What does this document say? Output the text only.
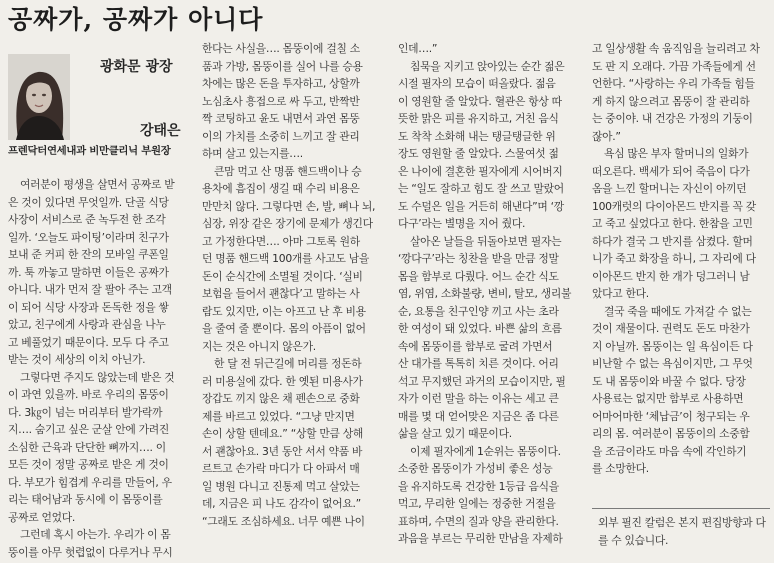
공짜가, 공짜가 아니다
광화문 광장
강태은
프렌닥터연세내과 비만클리닉 부원장

여러분이 평생을 살면서 공짜로 받

은 것이 있다면 무엇일까. 단골 식당

사장이 서비스로 준 녹두전 한 조각

일까. ‘오늘도 파이팅’이라며 친구가

보내 준 커피 한 잔의 모바일 쿠폰일

까. 툭 까놓고 말하면 이들은 공짜가

아니다. 내가 먼저 잘 팔아 주는 고객

이 되어 식당 사장과 돈독한 정을 쌓

았고, 친구에게 사랑과 관심을 나누

고 베풀었기 때문이다. 모두 다 주고

받는 것이 세상의 이치 아닌가.

그렇다면 주지도 않았는데 받은 것

이 과연 있을까. 바로 우리의 몸뚱이

다. 3㎏이 넘는 머리부터 발가락까

지…. 숨기고 싶은 군살 안에 가려진

소심한 근육과 단단한 뼈까지…. 이

모든 것이 정말 공짜로 받은 게 것이

다. 부모가 힘겹게 우리를 만들어, 우

리는 태어남과 동시에 이 몸뚱이를

공짜로 얻었다.

그런데 혹시 아는가. 우리가 이 몸

뚱이를 아무 헛렵없이 다루거나 무시

한다는 사실을…. 몸뚱이에 걸칠 소

품과 가방, 몸뚱이를 실어 나를 승용

차에는 많은 돈을 투자하고, 상할까

노심초사 흥접으로 싸 두고, 반짝반

짝 코팅하고 윤도 내면서 과연 몸뚱

이의 가치를 소중히 느끼고 잘 관리

하며 살고 있는지를….

큰맘 먹고 산 명품 핸드백이나 승

용차에 흠집이 생길 때 수리 비용은

만만치 않다. 그렇다면 손, 발, 뼈나 뇌,

심장, 위장 같은 장기에 문제가 생긴다

고 가정한다면…. 아마 그토록 원하

던 명품 핸드백 100개를 사고도 남을

돈이 순식간에 소멸될 것이다. ‘실비

보험을 들어서 괜찮다’고 말하는 사

람도 있지만, 이는 아프고 난 후 비용

을 줄여 줄 뿐이다. 몸의 아픔이 없어

지는 것은 아니지 않은가.

한 달 전 뒤근길에 머리를 정돈하

러 미용실에 갔다. 한 옛된 미용사가

장갑도 끼지 않은 채 펜손으로 중화

제를 바르고 있었다. “그냥 만지면

손이 상할 텐데요.” “상할 만큼 상해

서 괜찮아요. 3년 동안 서서 약품 바

르트고 손가락 마디가 다 아파서 매

일 병원 다니고 진통제 먹고 살았는

데, 지금은 피 나도 감각이 없어요.”

“그래도 조심하세요. 너무 예쁜 나이

인데….”

침묵을 지키고 앉아있는 순간 젊은

시절 필자의 모습이 떠올랐다. 젊음

이 영원할 줄 알았다. 혈관은 항상 따

뜻한 맑은 피를 유지하고, 거친 음식

도 착착 소화해 내는 탱글탱글한 위

장도 영원할 줄 알았다. 스물여섯 젊

은 나이에 결혼한 필자에게 시어버지

는 “일도 잘하고 힘도 잘 쓰고 말랐어

도 수덜은 일을 거든히 해낸다”며 ‘깡

다구’라는 별명을 지어 줬다.

살아온 날들을 뒤돌아보면 필자는

‘깡다구’라는 칭찬을 받을 만큼 정말

몸을 함부로 다뤘다. 어느 순간 식도

염, 위염, 소화불량, 변비, 탈모, 생리불

순, 요통을 친구인양 끼고 사는 초라

한 여성이 돼 있었다. 바쁜 삶의 흐름

속에 몸뚱이를 함부로 굴려 가면서

산 대가를 톡톡히 치른 것이다. 어리

석고 무지했던 과거의 모습이지만, 필

자가 이런 말을 하는 이유는 세고 큰

매를 몇 대 얻어맞은 지금은 좀 다른

삶을 살고 있기 때문이다.

이제 필자에게 1순위는 몸뚱이다.

소중한 몸뚱이가 가성비 좋은 성능

을 유지하도록 건강한 1등급 음식을

먹고, 무리한 일에는 정중한 거절을

표하며, 수면의 질과 양을 관리한다.

과음을 부르는 무리한 만남을 자제하

고 일상생활 속 움직임을 늘리려고 차

도 판 지 오래다. 가끔 가족들에게 선

언한다. “사랑하는 우리 가족들 힘들

게 하지 않으려고 몸뚱이 잘 관리하

는 중이야. 내 건강은 가정의 기둥이

잖아.”

욕심 많은 부자 할머니의 일화가

떠오른다. 백세가 되어 죽음이 다가

옴을 느낀 할머니는 자신이 아끼던

100캐럿의 다이아몬드 반지를 꼭 갖

고 죽고 싶었다고 한다. 한참을 고민

하다가 결국 그 반지를 삼켰다. 할머

니가 죽고 화장을 하니, 그 자리에 다

이아몬드 반지 한 개가 덩그러니 남

았다고 한다.

결국 죽을 때에도 가져갈 수 없는

것이 재물이다. 권력도 돈도 마찬가

지 아닐까. 몸뚱이는 일 욕심이든 다

비난할 수 없는 욕심이지만, 그 무엇

도 내 몸뚱이와 바꿀 수 없다. 당장

사용료는 없지만 함부로 사용하면

어마어마한 ‘체납금’이 청구되는 우

리의 몸. 여러분이 몸뚱이의 소중함

을 조금이라도 마음 속에 각인하기

를 소망한다.

외부 필진 칼럼은 본지 편집방향과 다

를 수 있습니다.
